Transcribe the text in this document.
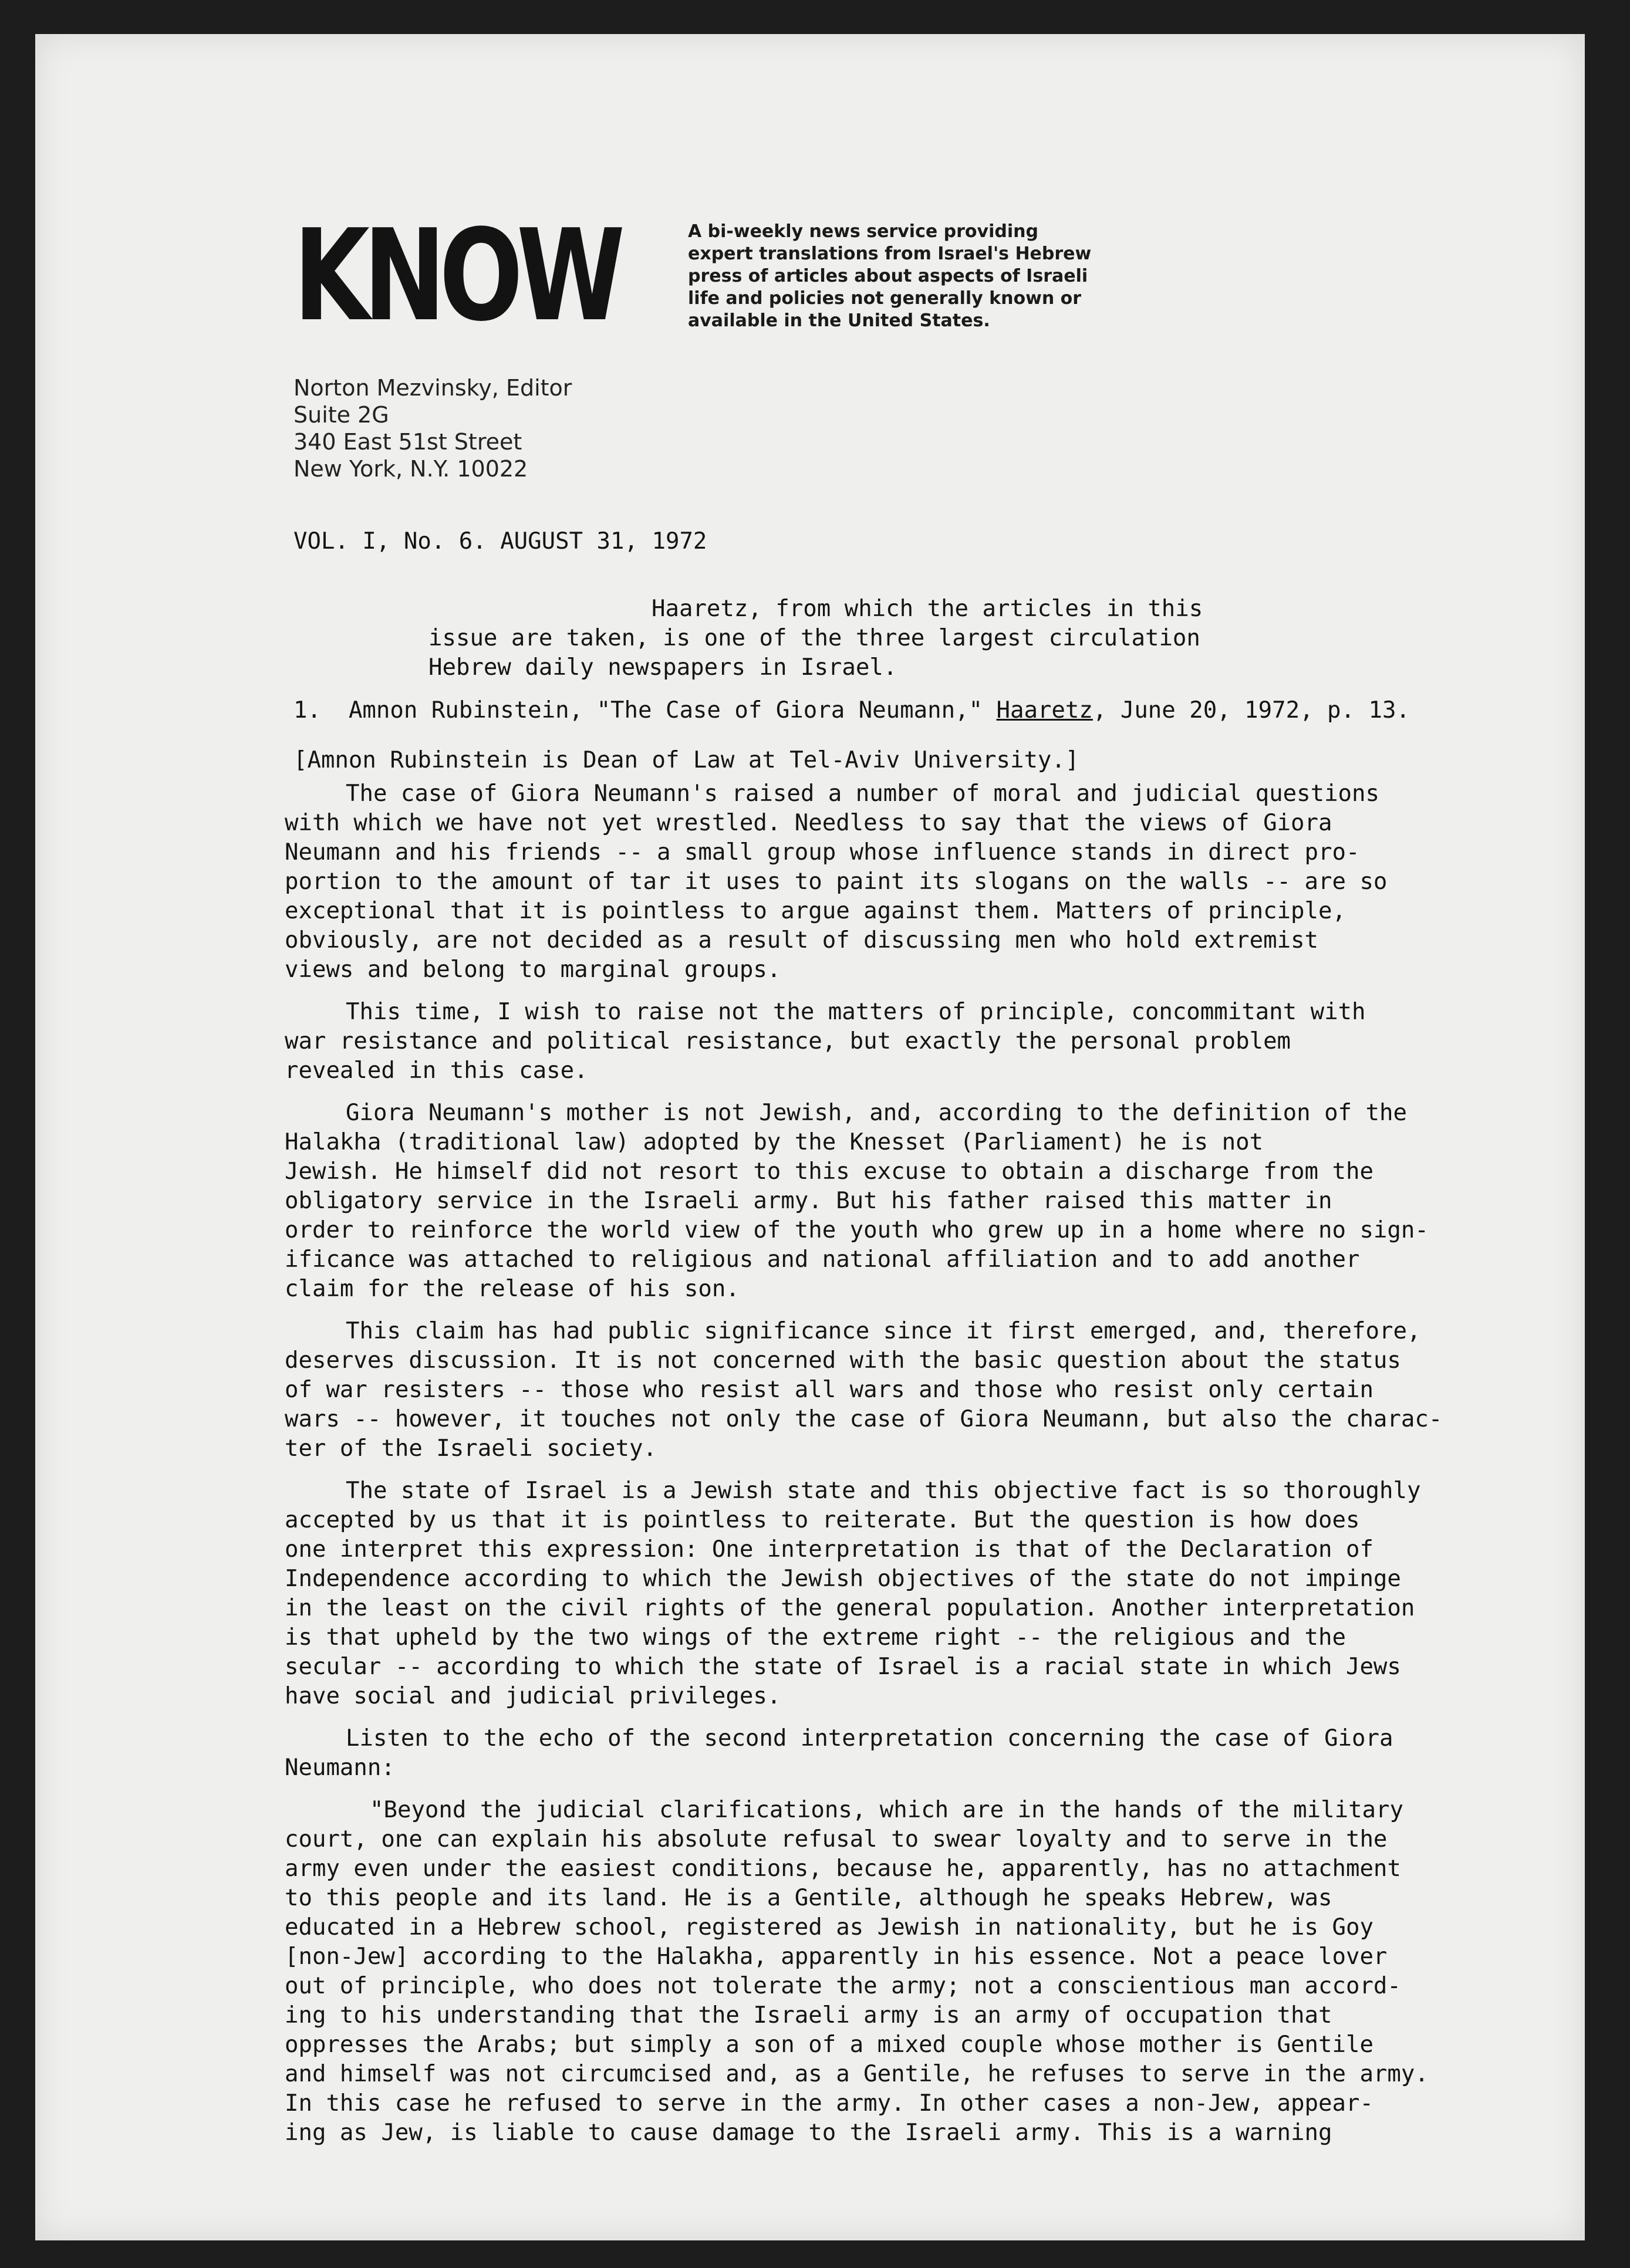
KNOW	A bi-weekly news service providing
expert translations from Israel's Hebrew
press of articles about aspects of Israeli
life and policies not generally known or
available in the United States.
Norton Mezvinsky, Editor
Suite 2G
340 East 51st Street
New York, N.Y. 10022
VOL. I, No. 6. AUGUST 31, 1972
Haaretz, from which the articles in this
issue are taken, is one of the three largest circulation
Hebrew daily newspapers in Israel.
1. Amnon Rubinstein, "The Case of Giora Neumann," Haaretz, June 20, 1972, p. 13.
[Amnon Rubinstein is Dean of Law at Tel-Aviv University.]
The case of Giora Neumann's raised a number of moral and judicial questions
with which we have not yet wrestled. Needless to say that the views of Giora
Neumann and his friends -- a small group whose influence stands in direct pro-
portion to the amount of tar it uses to paint its slogans on the walls -- are so
exceptional that it is pointless to argue against them. Matters of principle,
obviously, are not decided as a result of discussing men who hold extremist
views and belong to marginal groups.
This time, I wish to raise not the matters of principle, concommitant with
war resistance and political resistance, but exactly the personal problem
revealed in this case.
Giora Neumann's mother is not Jewish, and, according to the definition of the
Halakha (traditional law) adopted by the Knesset (Parliament) he is not
Jewish. He himself did not resort to this excuse to obtain a discharge from the
obligatory service in the Israeli army. But his father raised this matter in
order to reinforce the world view of the youth who grew up in a home where no sign-
ificance was attached to religious and national affiliation and to add another
claim for the release of his son.
This claim has had public significance since it first emerged, and, therefore,
deserves discussion. It is not concerned with the basic question about the status
of war resisters -- those who resist all wars and those who resist only certain
wars -- however, it touches not only the case of Giora Neumann, but also the charac-
ter of the Israeli society.
The state of Israel is a Jewish state and this objective fact is so thoroughly
accepted by us that it is pointless to reiterate. But the question is how does
one interpret this expression: One interpretation is that of the Declaration of
Independence according to which the Jewish objectives of the state do not impinge
in the least on the civil rights of the general population. Another interpretation
is that upheld by the two wings of the extreme right -- the religious and the
secular -- according to which the state of Israel is a racial state in which Jews
have social and judicial privileges.
Listen to the echo of the second interpretation concerning the case of Giora
Neumann:
"Beyond the judicial clarifications, which are in the hands of the military
court, one can explain his absolute refusal to swear loyalty and to serve in the
army even under the easiest conditions, because he, apparently, has no attachment
to this people and its land. He is a Gentile, although he speaks Hebrew, was
educated in a Hebrew school, registered as Jewish in nationality, but he is Goy
[non-Jew] according to the Halakha, apparently in his essence. Not a peace lover
out of principle, who does not tolerate the army; not a conscientious man accord-
ing to his understanding that the Israeli army is an army of occupation that
oppresses the Arabs; but simply a son of a mixed couple whose mother is Gentile
and himself was not circumcised and, as a Gentile, he refuses to serve in the army.
In this case he refused to serve in the army. In other cases a non-Jew, appear-
ing as Jew, is liable to cause damage to the Israeli army. This is a warning
